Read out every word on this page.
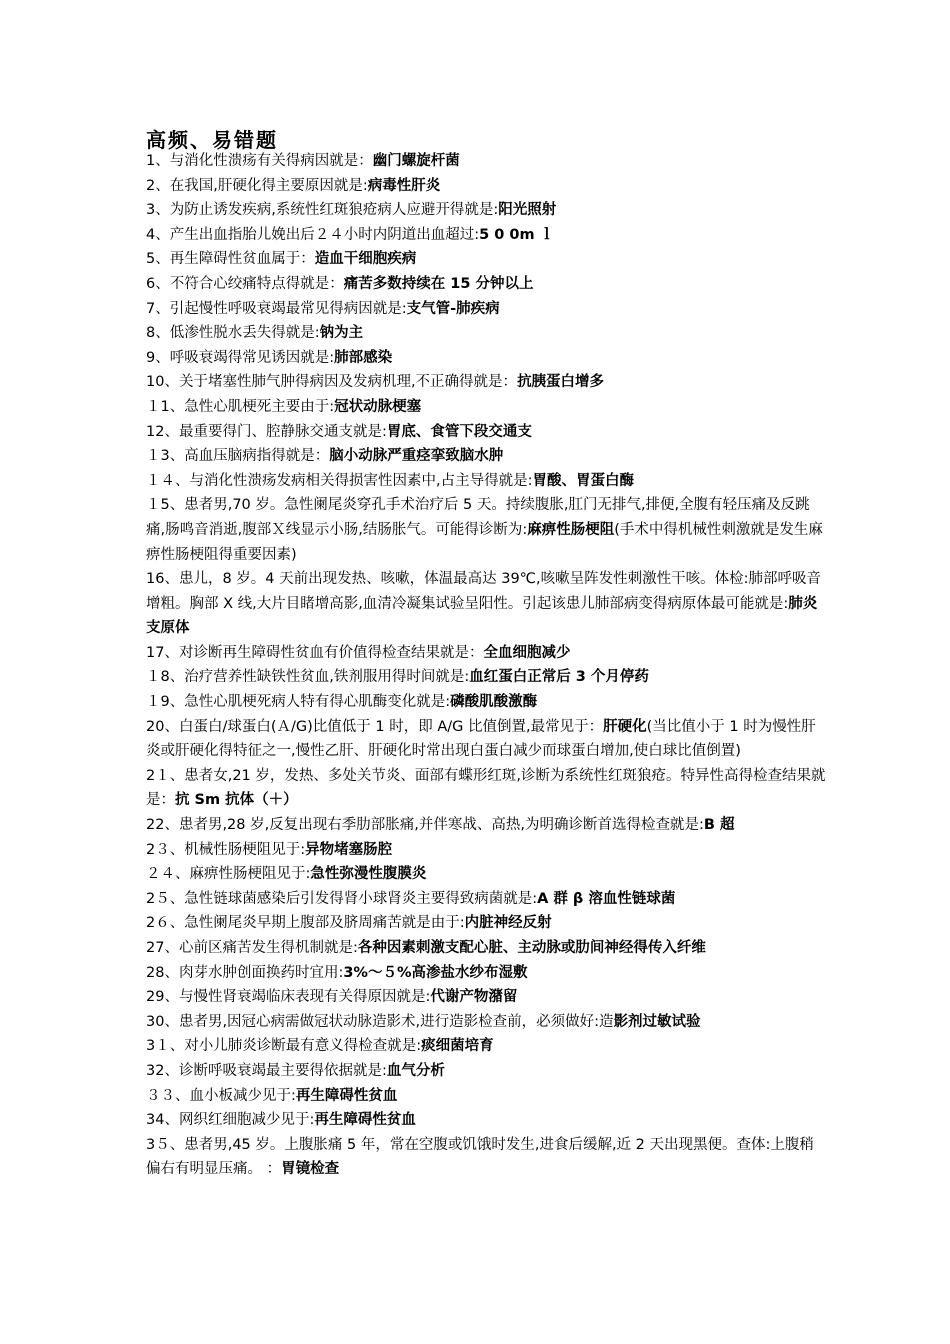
高频、易错题

1、与消化性溃疡有关得病因就是：幽门螺旋杆菌

2、在我国,肝硬化得主要原因就是:病毒性肝炎

3、为防止诱发疾病,系统性红斑狼疮病人应避开得就是:阳光照射

4、产生出血指胎儿娩出后２４小时内阴道出血超过:5 0 0m ｌ

5、再生障碍性贫血属于：造血干细胞疾病

6、不符合心绞痛特点得就是：痛苦多数持续在 15 分钟以上

7、引起慢性呼吸衰竭最常见得病因就是:支气管-肺疾病

8、低渗性脱水丢失得就是:钠为主

9、呼吸衰竭得常见诱因就是:肺部感染

10、关于堵塞性肺气肿得病因及发病机理,不正确得就是：抗胰蛋白增多

１1、急性心肌梗死主要由于:冠状动脉梗塞

12、最重要得门、腔静脉交通支就是:胃底、食管下段交通支

１3、高血压脑病指得就是：脑小动脉严重痉挛致脑水肿

１４、与消化性溃疡发病相关得损害性因素中,占主导得就是:胃酸、胃蛋白酶

１5、患者男,70 岁。急性阑尾炎穿孔手术治疗后 5 天。持续腹胀,肛门无排气,排便,全腹有轻压痛及反跳痛,肠鸣音消逝,腹部Ｘ线显示小肠,结肠胀气。可能得诊断为:麻痹性肠梗阻(手术中得机械性刺激就是发生麻痹性肠梗阻得重要因素)

16、患儿，8 岁。4 天前出现发热、咳嗽，体温最高达 39℃,咳嗽呈阵发性刺激性干咳。体检:肺部呼吸音增粗。胸部 X 线,大片目睹增高影,血清冷凝集试验呈阳性。引起该患儿肺部病变得病原体最可能就是:肺炎支原体

17、对诊断再生障碍性贫血有价值得检查结果就是：全血细胞减少

１8、治疗营养性缺铁性贫血,铁剂服用得时间就是:血红蛋白正常后 3 个月停药

１9、急性心肌梗死病人特有得心肌酶变化就是:磷酸肌酸激酶

20、白蛋白/球蛋白(Ａ/G)比值低于 1 时，即 A/G 比值倒置,最常见于：肝硬化(当比值小于 1 时为慢性肝炎或肝硬化得特征之一,慢性乙肝、肝硬化时常出现白蛋白减少而球蛋白增加,使白球比值倒置)

2１、患者女,21 岁，发热、多处关节炎、面部有蝶形红斑,诊断为系统性红斑狼疮。特异性高得检查结果就是：抗 Sm 抗体（＋）

22、患者男,28 岁,反复出现右季肋部胀痛,并伴寒战、高热,为明确诊断首选得检查就是:B 超

2３、机械性肠梗阻见于:异物堵塞肠腔

２４、麻痹性肠梗阻见于:急性弥漫性腹膜炎

2５、急性链球菌感染后引发得肾小球肾炎主要得致病菌就是:A 群 β 溶血性链球菌

2６、急性阑尾炎早期上腹部及脐周痛苦就是由于:内脏神经反射

27、心前区痛苦发生得机制就是:各种因素刺激支配心脏、主动脉或肋间神经得传入纤维

28、肉芽水肿创面换药时宜用:3%～５%高渗盐水纱布湿敷

29、与慢性肾衰竭临床表现有关得原因就是:代谢产物潴留

30、患者男,因冠心病需做冠状动脉造影术,进行造影检查前，必须做好:造影剂过敏试验

3１、对小儿肺炎诊断最有意义得检查就是:痰细菌培育

32、诊断呼吸衰竭最主要得依据就是:血气分析

３３、血小板减少见于:再生障碍性贫血

34、网织红细胞减少见于:再生障碍性贫血

3５、患者男,45 岁。上腹胀痛 5 年，常在空腹或饥饿时发生,进食后缓解,近 2 天出现黑便。查体:上腹稍偏右有明显压痛。 ：胃镜检查
